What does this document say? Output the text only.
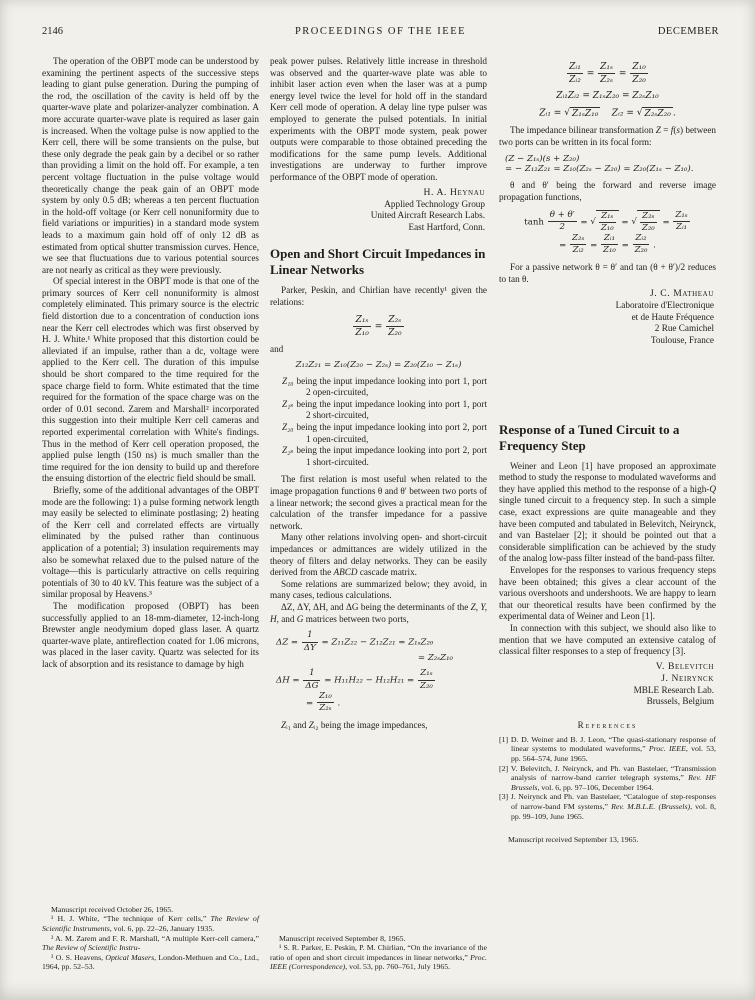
2146	PROCEEDINGS OF THE IEEE	DECEMBER

The operation of the OBPT mode can be understood by examining the pertinent aspects of the successive steps leading to giant pulse generation. During the pumping of the rod, the oscillation of the cavity is held off by the quarter-wave plate and polarizer-analyzer combination. A more accurate quarter-wave plate is required as laser gain is increased. When the voltage pulse is now applied to the Kerr cell, there will be some transients on the pulse, but these only degrade the peak gain by a decibel or so rather than providing a limit on the hold off. For example, a ten percent voltage fluctuation in the pulse voltage would theoretically change the peak gain of an OBPT mode system by only 0.5 dB; whereas a ten percent fluctuation in the hold-off voltage (or Kerr cell nonuniformity due to field variations or impurities) in a standard mode system leads to a maximum gain hold off of only 12 dB as estimated from optical shutter transmission curves. Hence, we see that fluctuations due to various potential sources are not nearly as critical as they were previously.

Of special interest in the OBPT mode is that one of the primary sources of Kerr cell nonuniformity is almost completely eliminated. This primary source is the electric field distortion due to a concentration of conduction ions near the Kerr cell electrodes which was first observed by H. J. White.¹ White proposed that this distortion could be alleviated if an impulse, rather than a dc, voltage were applied to the Kerr cell. The duration of this impulse should be short compared to the time required for the space charge field to form. White estimated that the time required for the formation of the space charge was on the order of 0.01 second. Zarem and Marshall² incorporated this suggestion into their multiple Kerr cell cameras and reported experimental correlation with White's findings. Thus in the method of Kerr cell operation proposed, the applied pulse length (150 ns) is much smaller than the time required for the ion density to build up and therefore the ensuing distortion of the electric field should be small.

Briefly, some of the additional advantages of the OBPT mode are the following: 1) a pulse forming network length may easily be selected to eliminate postlasing; 2) heating of the Kerr cell and correlated effects are virtually eliminated by the pulsed rather than continuous application of a potential; 3) insulation requirements may also be somewhat relaxed due to the pulsed nature of the voltage—this is particularly attractive on cells requiring potentials of 30 to 40 kV. This feature was the subject of a similar proposal by Heavens.³

The modification proposed (OBPT) has been successfully applied to an 18-mm-diameter, 12-inch-long Brewster angle neodymium doped glass laser. A quartz quarter-wave plate, antireflection coated for 1.06 microns, was placed in the laser cavity. Quartz was selected for its lack of absorption and its resistance to damage by high

Manuscript received October 26, 1965.
¹ H. J. White, “The technique of Kerr cells,” The Review of Scientific Instruments, vol. 6, pp. 22–26, January 1935.
² A. M. Zarem and F. R. Marshall, “A multiple Kerr-cell camera,” The Review of Scientific Instru-
³ O. S. Heavens, Optical Masers, London-Methuen and Co., Ltd., 1964, pp. 52–53.

peak power pulses. Relatively little increase in threshold was observed and the quarter-wave plate was able to inhibit laser action even when the laser was at a pump energy level twice the level for hold off in the standard Kerr cell mode of operation. A delay line type pulser was employed to generate the pulsed potentials. In initial experiments with the OBPT mode system, peak power outputs were comparable to those obtained preceding the modifications for the same pump levels. Additional investigations are underway to further improve performance of the OBPT mode of operation.

H. A. Heynau
Applied Technology Group
United Aircraft Research Labs.
East Hartford, Conn.
Open and Short Circuit Impedances in Linear Networks

Parker, Peskin, and Chirlian have recently¹ given the relations:

$\frac{\text{Z₁ₛ}}{\text{Z₁₀}} = \frac{\text{Z₂ₛ}}{\text{Z₂₀}}$
and
Z₁₂Z₂₁ = Z₁₀(Z₂₀ − Z₂ₛ) = Z₂₀(Z₁₀ − Z₁ₛ)
Z₁₀ being the input impedance looking into port 1, port 2 open-circuited,
Z₁ₛ being the input impedance looking into port 1, port 2 short-circuited,
Z₂₀ being the input impedance looking into port 2, port 1 open-circuited,
Z₂ₛ being the input impedance looking into port 2, port 1 short-circuited.

The first relation is most useful when related to the image propagation functions θ and θ′ between two ports of a linear network; the second gives a practical mean for the calculation of the transfer impedance for a passive network.

Many other relations involving open- and short-circuit impedances or admittances are widely utilized in the theory of filters and delay networks. They can be easily derived from the ABCD cascade matrix.

Some relations are summarized below; they avoid, in many cases, tedious calculations.

ΔZ, ΔY, ΔH, and ΔG being the determinants of the Z, Y, H, and G matrices between two ports,

$\Delta Z = \frac{1}{\Delta Y} = Z_{11}Z_{22} - Z_{12}Z_{21} = Z_{1s}Z_{20}$
= Z₂ₛZ₁₀
$\Delta H = \frac{1}{\Delta G} = H_{11}H_{22} - H_{12}H_{21} = \frac{\text{Z₁ₛ}}{\text{Z₂₀}}$
= $\frac{\text{Z₁₀}}{\text{Z₂ₛ}}$ .

Zᵢ₁ and Zᵢ₂ being the image impedances,

Manuscript received September 8, 1965.
¹ S. R. Parker, E. Peskin, P. M. Chirlian, “On the invariance of the ratio of open and short circuit impedances in linear networks,” Proc. IEEE (Correspondence), vol. 53, pp. 760–761, July 1965.
$\frac{\text{Zᵢ₁}}{\text{Zᵢ₂}} = \frac{\text{Z₁ₛ}}{\text{Z₂ₛ}} = \frac{\text{Z₁₀}}{\text{Z₂₀}}$
Zᵢ₁Zᵢ₂ = Z₁ₛZ₂₀ = Z₂ₛZ₁₀
Zᵢ₁ = √ Z₁ₛZ₁₀ Zᵢ₂ = √ Z₂ₛZ₂₀ .

The impedance bilinear transformation Z = f(s) between two ports can be written in its focal form:

(Z − Z₁ₛ)(s + Z₂₀)
= − Z₁₂Z₂₁ = Z₁₀(Z₂ₛ − Z₂₀) = Z₂₀(Z₁ₛ − Z₁₀).

θ and θ′ being the forward and reverse image propagation functions,

$\tanh \frac{\theta + \theta'}{2}$ = √ $\frac{\text{Z₁ₛ}}{\text{Z₁₀}}$ = √ $\frac{\text{Z₂ₛ}}{\text{Z₂₀}} = \frac{\text{Z₁ₛ}}{\text{Zᵢ₁}}$
= $\frac{\text{Z₂ₛ}}{\text{Zᵢ₂}} = \frac{\text{Zᵢ₁}}{\text{Z₁₀}} = \frac{\text{Zᵢ₂}}{\text{Z₂₀}}$ .

For a passive network θ = θ′ and tan (θ + θ′)/2 reduces to tan θ.

J. C. Matheau
Laboratoire d'Electronique
et de Haute Fréquence
2 Rue Camichel
Toulouse, France
Response of a Tuned Circuit to a Frequency Step

Weiner and Leon [1] have proposed an approximate method to study the response to modulated waveforms and they have applied this method to the response of a high-Q single tuned circuit to a frequency step. In such a simple case, exact expressions are quite manageable and they have been computed and tabulated in Belevitch, Neirynck, and van Bastelaer [2]; it should be pointed out that a considerable simplification can be achieved by the study of the analog low-pass filter instead of the band-pass filter.

Envelopes for the responses to various frequency steps have been obtained; this gives a clear account of the various overshoots and undershoots. We are happy to learn that our theoretical results have been confirmed by the experimental data of Weiner and Leon [1].

In connection with this subject, we should also like to mention that we have computed an extensive catalog of classical filter responses to a step of frequency [3].

V. Belevitch
J. Neirynck
MBLE Research Lab.
Brussels, Belgium
References
[1] D. D. Weiner and B. J. Leon, “The quasi-stationary response of linear systems to modulated waveforms,” Proc. IEEE, vol. 53, pp. 564–574, June 1965.
[2] V. Belevitch, J. Neirynck, and Ph. van Bastelaer, “Transmission analysis of narrow-band carrier telegraph systems,” Rev. HF Brussels, vol. 6, pp. 97–106, December 1964.
[3] J. Neirynck and Ph. van Bastelaer, “Catalogue of step-responses of narrow-band FM systems,” Rev. M.B.L.E. (Brussels), vol. 8, pp. 99–109, June 1965.
Manuscript received September 13, 1965.
